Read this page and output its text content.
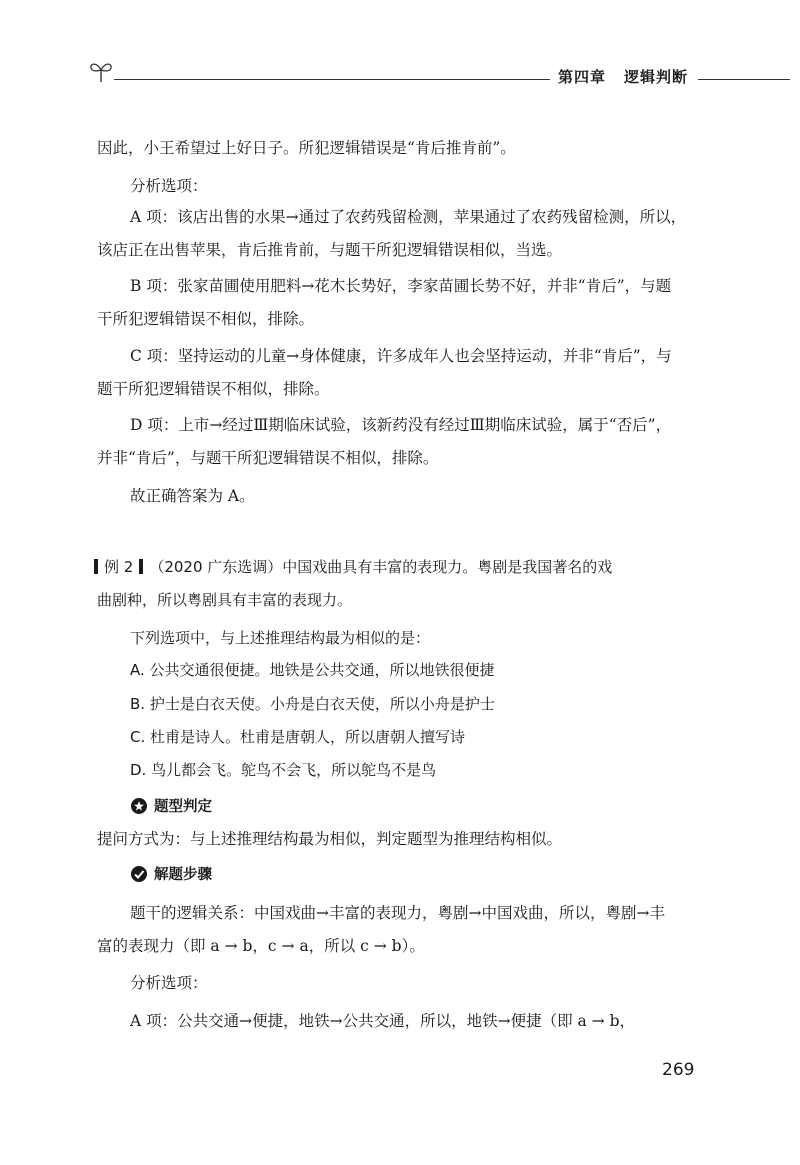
第四章 逻辑判断
因此，小王希望过上好日子。所犯逻辑错误是“肯后推肯前”。
分析选项：
A 项：该店出售的水果→通过了农药残留检测，苹果通过了农药残留检测，所以，
该店正在出售苹果，肯后推肯前，与题干所犯逻辑错误相似，当选。
B 项：张家苗圃使用肥料→花木长势好，李家苗圃长势不好，并非“肯后”，与题
干所犯逻辑错误不相似，排除。
C 项：坚持运动的儿童→身体健康，许多成年人也会坚持运动，并非“肯后”，与
题干所犯逻辑错误不相似，排除。
D 项：上市→经过Ⅲ期临床试验，该新药没有经过Ⅲ期临床试验，属于“否后”，
并非“肯后”，与题干所犯逻辑错误不相似，排除。
故正确答案为 A。
例 2 （2020 广东选调）中国戏曲具有丰富的表现力。粤剧是我国著名的戏
曲剧种，所以粤剧具有丰富的表现力。
下列选项中，与上述推理结构最为相似的是：
A. 公共交通很便捷。地铁是公共交通，所以地铁很便捷
B. 护士是白衣天使。小舟是白衣天使，所以小舟是护士
C. 杜甫是诗人。杜甫是唐朝人，所以唐朝人擅写诗
D. 鸟儿都会飞。鸵鸟不会飞，所以鸵鸟不是鸟
题型判定
提问方式为：与上述推理结构最为相似，判定题型为推理结构相似。
解题步骤
题干的逻辑关系：中国戏曲→丰富的表现力，粤剧→中国戏曲，所以，粤剧→丰
富的表现力（即 a → b，c → a，所以 c → b）。
分析选项：
A 项：公共交通→便捷，地铁→公共交通，所以，地铁→便捷（即 a → b，
269
